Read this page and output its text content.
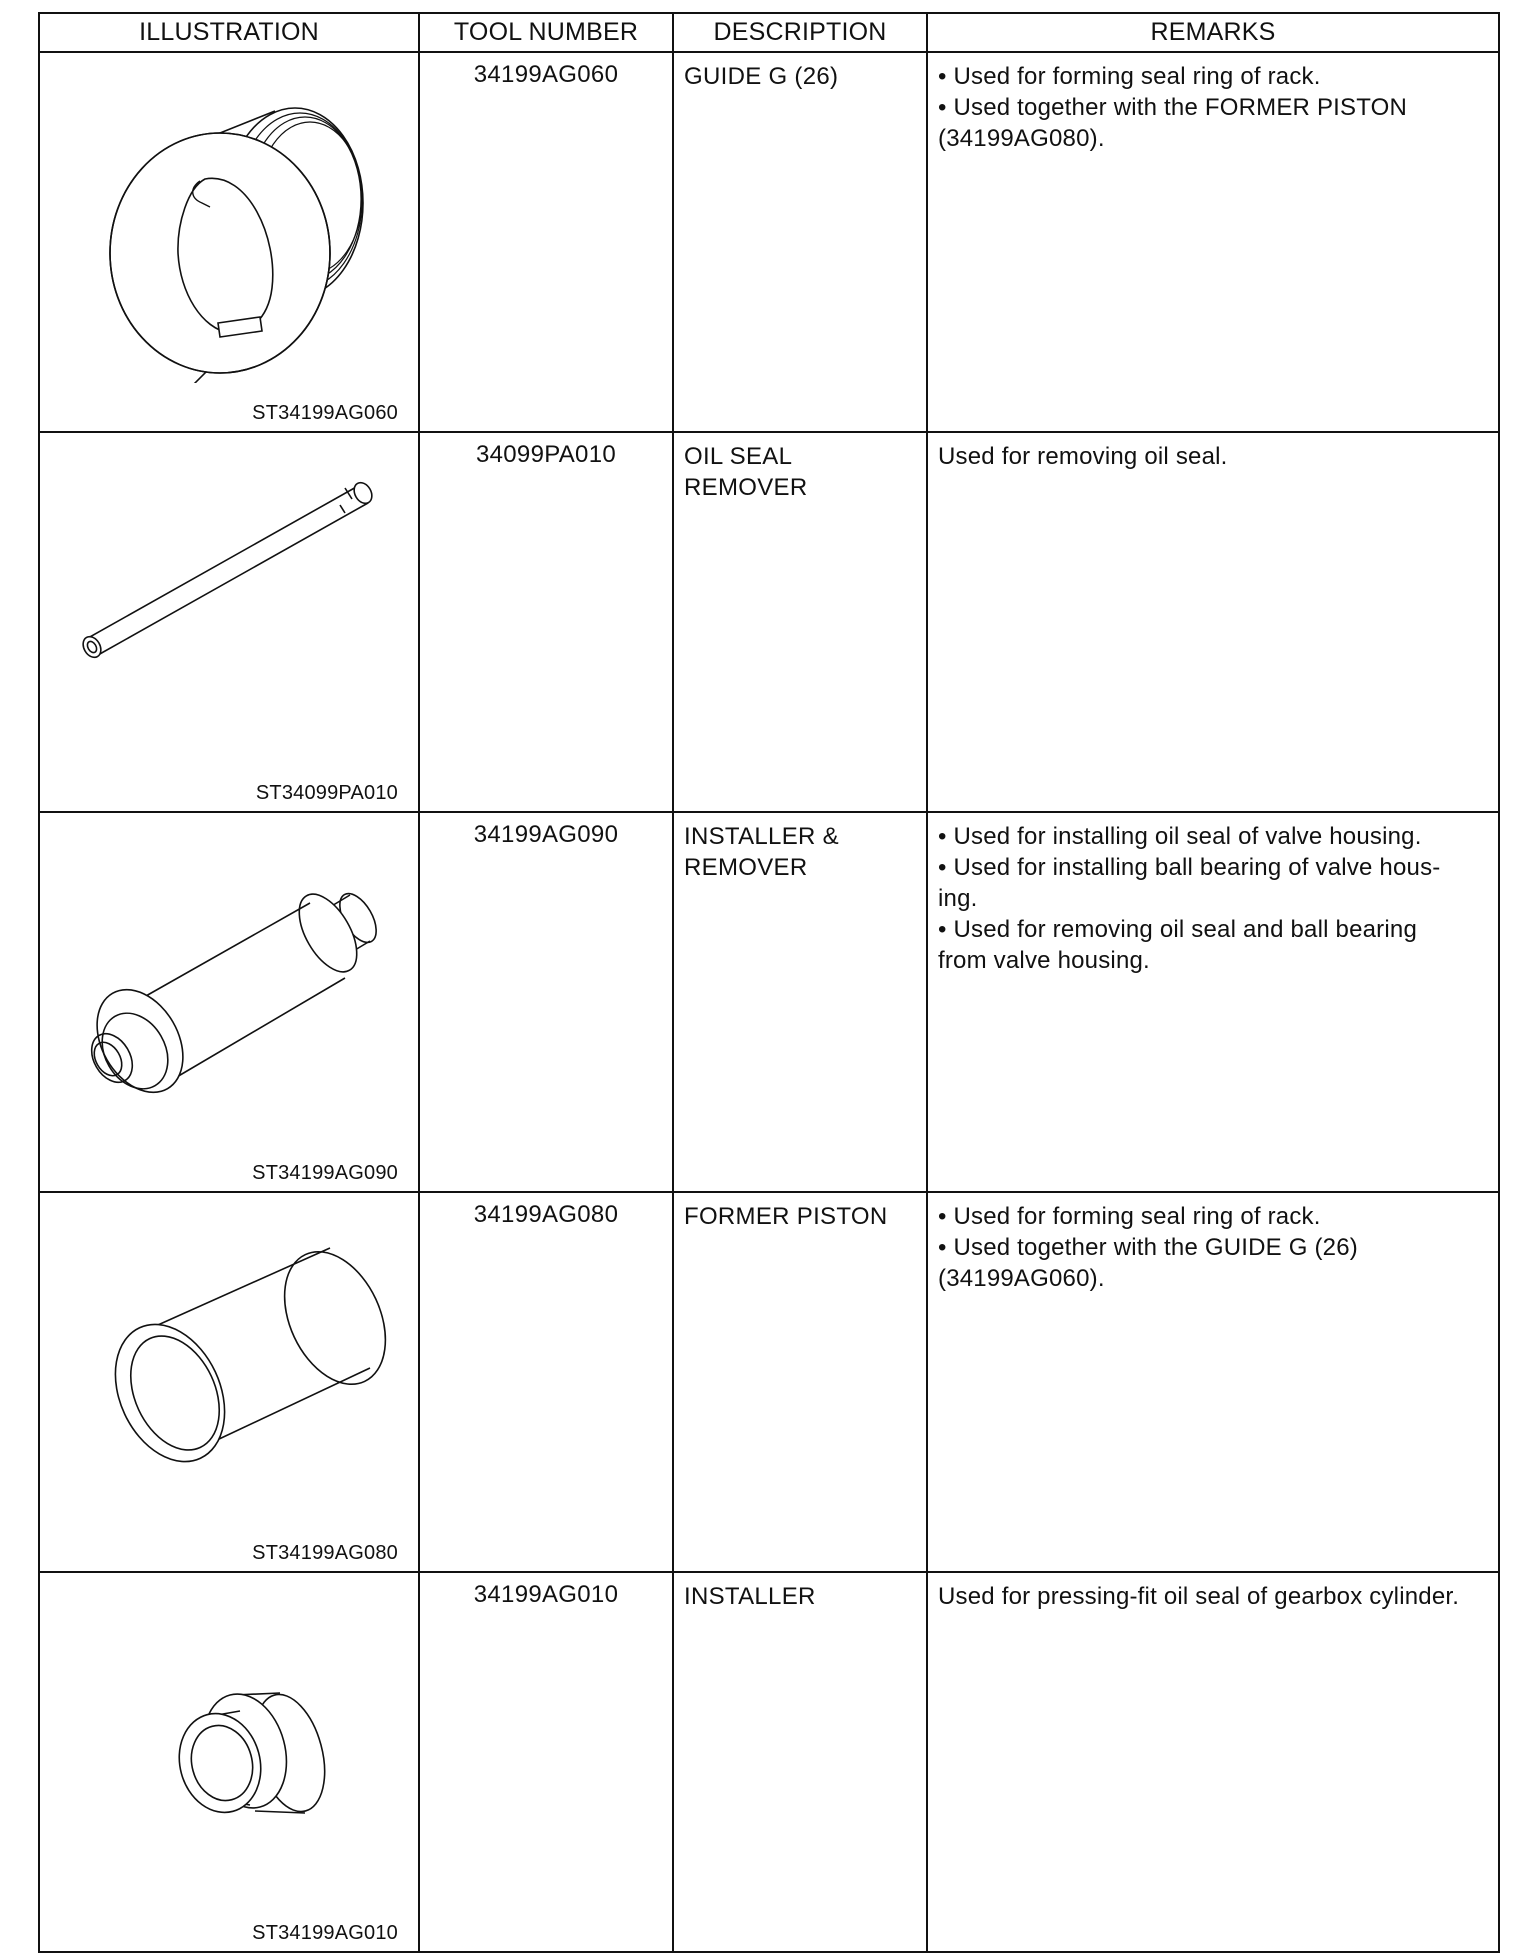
ILLUSTRATION	TOOL NUMBER	DESCRIPTION	REMARKS

ST34199AG060	34199AG060	GUIDE G (26)	• Used for forming seal ring of rack.
• Used together with the FORMER PISTON
(34199AG080).

ST34099PA010	34099PA010	OIL SEAL
REMOVER	Used for removing oil seal.

ST34199AG090	34199AG090	INSTALLER &
REMOVER	• Used for installing oil seal of valve housing.
• Used for installing ball bearing of valve hous-
ing.
• Used for removing oil seal and ball bearing
from valve housing.

ST34199AG080	34199AG080	FORMER PISTON	• Used for forming seal ring of rack.
• Used together with the GUIDE G (26)
(34199AG060).

ST34199AG010	34199AG010	INSTALLER	Used for pressing-fit oil seal of gearbox cylinder.
